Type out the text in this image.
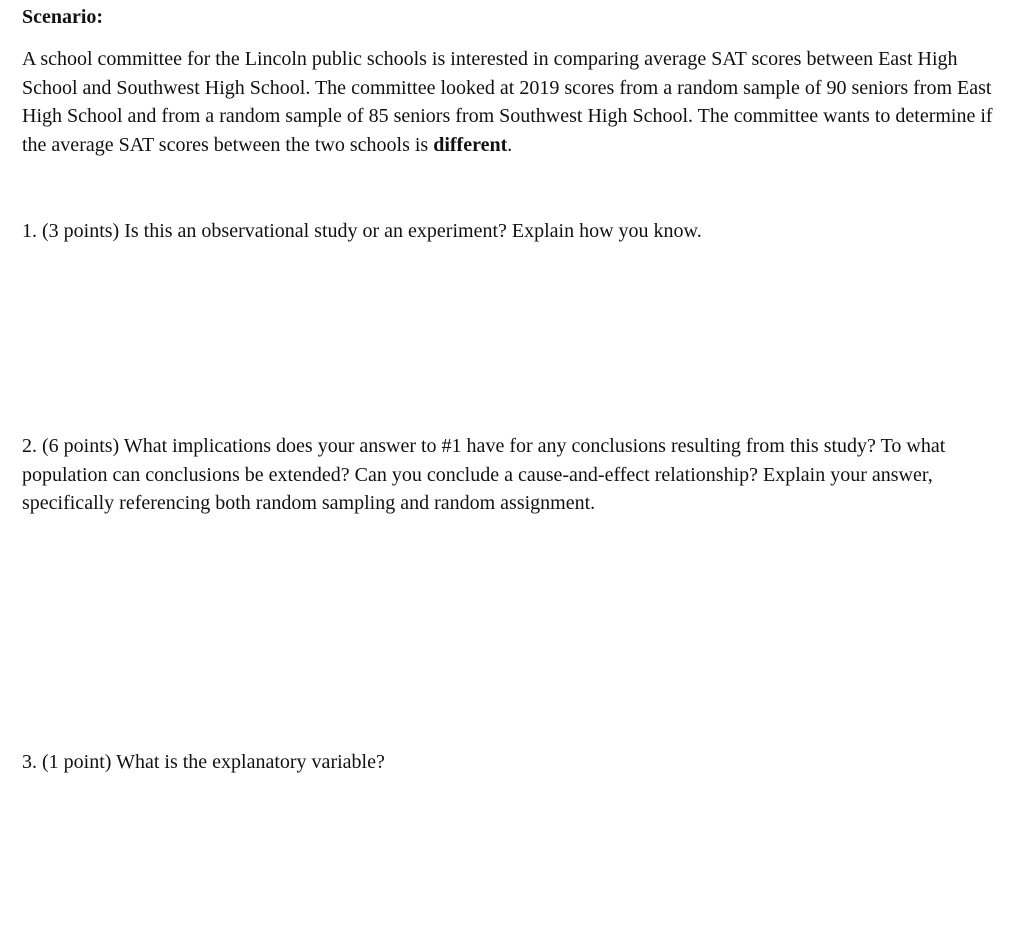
Scenario:

A school committee for the Lincoln public schools is interested in comparing average SAT scores between East High School and Southwest High School. The committee looked at 2019 scores from a random sample of 90 seniors from East High School and from a random sample of 85 seniors from Southwest High School. The committee wants to determine if the average SAT scores between the two schools is different.

1. (3 points) Is this an observational study or an experiment? Explain how you know.

2. (6 points) What implications does your answer to #1 have for any conclusions resulting from this study? To what population can conclusions be extended? Can you conclude a cause-and-effect relationship? Explain your answer, specifically referencing both random sampling and random assignment.

3. (1 point) What is the explanatory variable?
